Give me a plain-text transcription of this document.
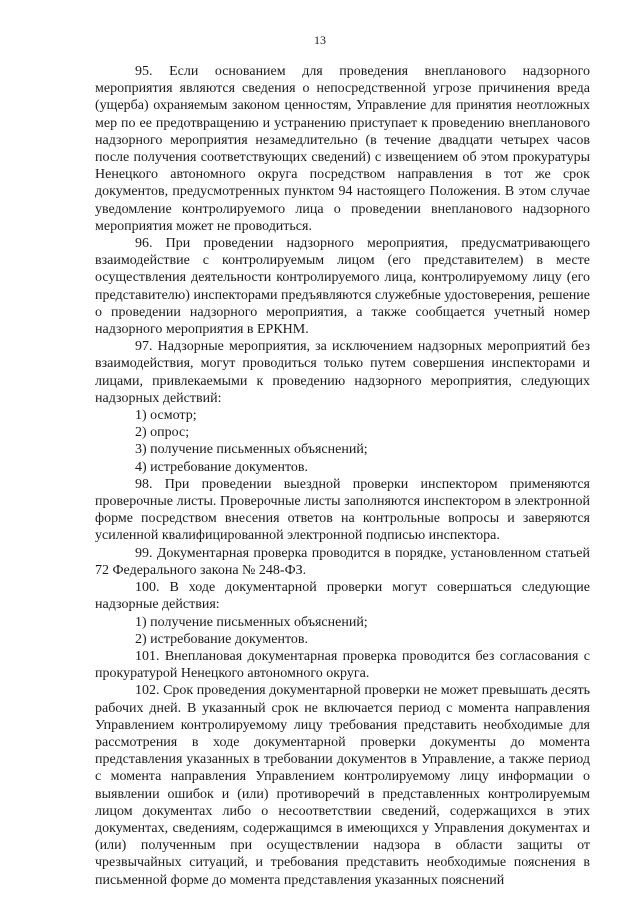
13

95. Если основанием для проведения внепланового надзорного мероприятия являются сведения о непосредственной угрозе причинения вреда (ущерба) охраняемым законом ценностям, Управление для принятия неотложных мер по ее предотвращению и устранению приступает к проведению внепланового надзорного мероприятия незамедлительно (в течение двадцати четырех часов после получения соответствующих сведений) с извещением об этом прокуратуры Ненецкого автономного округа посредством направления в тот же срок документов, предусмотренных пунктом 94 настоящего Положения. В этом случае уведомление контролируемого лица о проведении внепланового надзорного мероприятия может не проводиться.

96. При проведении надзорного мероприятия, предусматривающего взаимодействие с контролируемым лицом (его представителем) в месте осуществления деятельности контролируемого лица, контролируемому лицу (его представителю) инспекторами предъявляются служебные удостоверения, решение о проведении надзорного мероприятия, а также сообщается учетный номер надзорного мероприятия в ЕРКНМ.

97. Надзорные мероприятия, за исключением надзорных мероприятий без взаимодействия, могут проводиться только путем совершения инспекторами и лицами, привлекаемыми к проведению надзорного мероприятия, следующих надзорных действий:

1) осмотр;

2) опрос;

3) получение письменных объяснений;

4) истребование документов.

98. При проведении выездной проверки инспектором применяются проверочные листы. Проверочные листы заполняются инспектором в электронной форме посредством внесения ответов на контрольные вопросы и заверяются усиленной квалифицированной электронной подписью инспектора.

99. Документарная проверка проводится в порядке, установленном статьей 72 Федерального закона № 248-ФЗ.

100. В ходе документарной проверки могут совершаться следующие надзорные действия:

1) получение письменных объяснений;

2) истребование документов.

101. Внеплановая документарная проверка проводится без согласования с прокуратурой Ненецкого автономного округа.

102. Срок проведения документарной проверки не может превышать десять рабочих дней. В указанный срок не включается период с момента направления Управлением контролируемому лицу требования представить необходимые для рассмотрения в ходе документарной проверки документы до момента представления указанных в требовании документов в Управление, а также период с момента направления Управлением контролируемому лицу информации о выявлении ошибок и (или) противоречий в представленных контролируемым лицом документах либо о несоответствии сведений, содержащихся в этих документах, сведениям, содержащимся в имеющихся у Управления документах и (или) полученным при осуществлении надзора в области защиты от чрезвычайных ситуаций, и требования представить необходимые пояснения в письменной форме до момента представления указанных пояснений
